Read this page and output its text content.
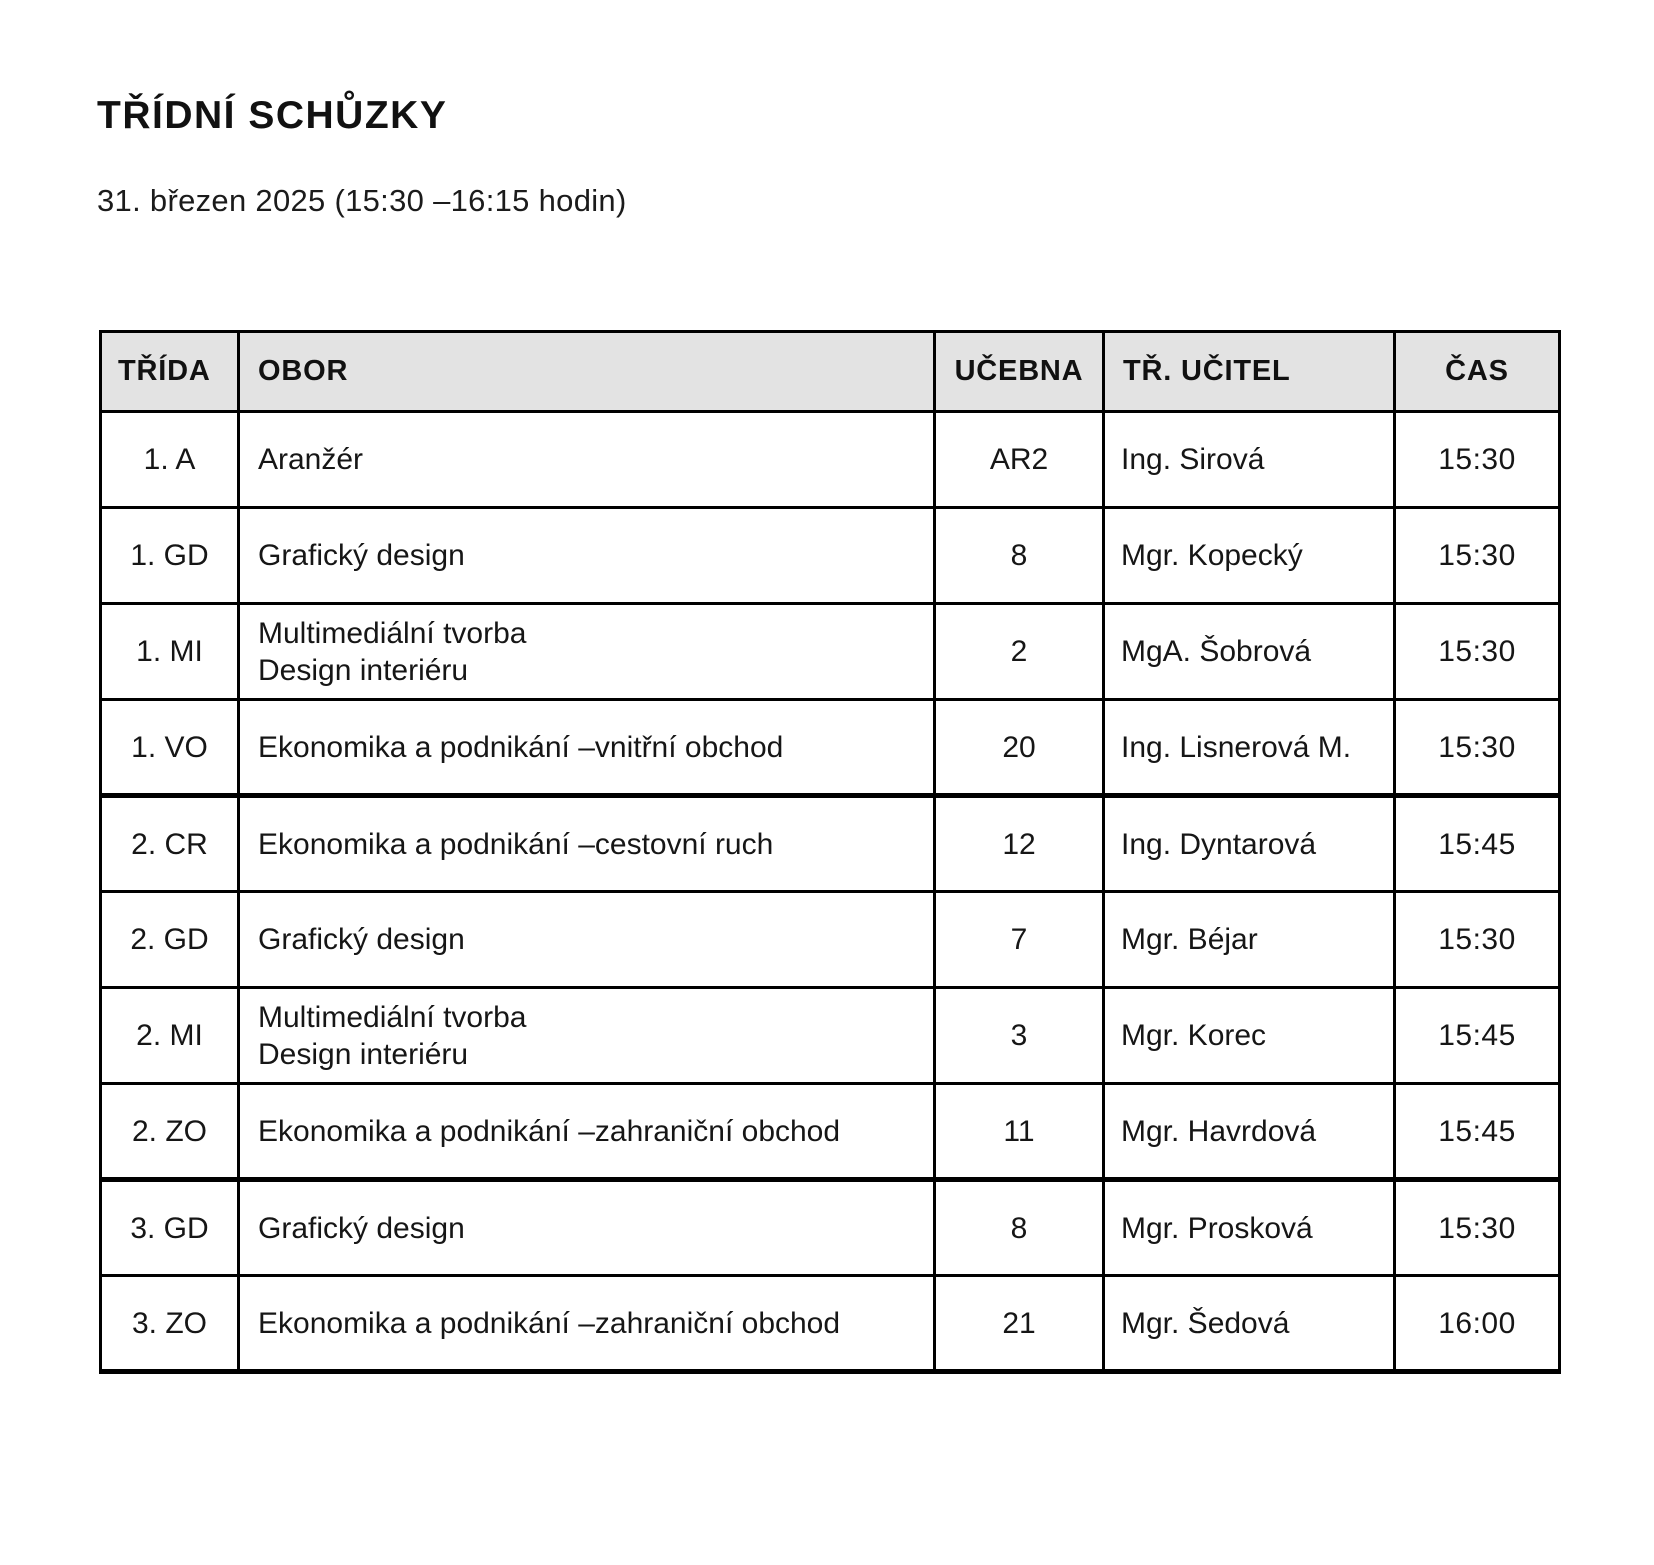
TŘÍDNÍ SCHŮZKY

31. březen 2025 (15:30 –16:15 hodin)

TŘÍDA	OBOR	UČEBNA	TŘ. UČITEL	ČAS
1. A	Aranžér	AR2	Ing. Sirová	15:30
1. GD	Grafický design	8	Mgr. Kopecký	15:30
1. MI	Multimediální tvorba
Design interiéru	2	MgA. Šobrová	15:30
1. VO	Ekonomika a podnikání –vnitřní obchod	20	Ing. Lisnerová M.	15:30
2. CR	Ekonomika a podnikání –cestovní ruch	12	Ing. Dyntarová	15:45
2. GD	Grafický design	7	Mgr. Béjar	15:30
2. MI	Multimediální tvorba
Design interiéru	3	Mgr. Korec	15:45
2. ZO	Ekonomika a podnikání –zahraniční obchod	11	Mgr. Havrdová	15:45
3. GD	Grafický design	8	Mgr. Prosková	15:30
3. ZO	Ekonomika a podnikání –zahraniční obchod	21	Mgr. Šedová	16:00
